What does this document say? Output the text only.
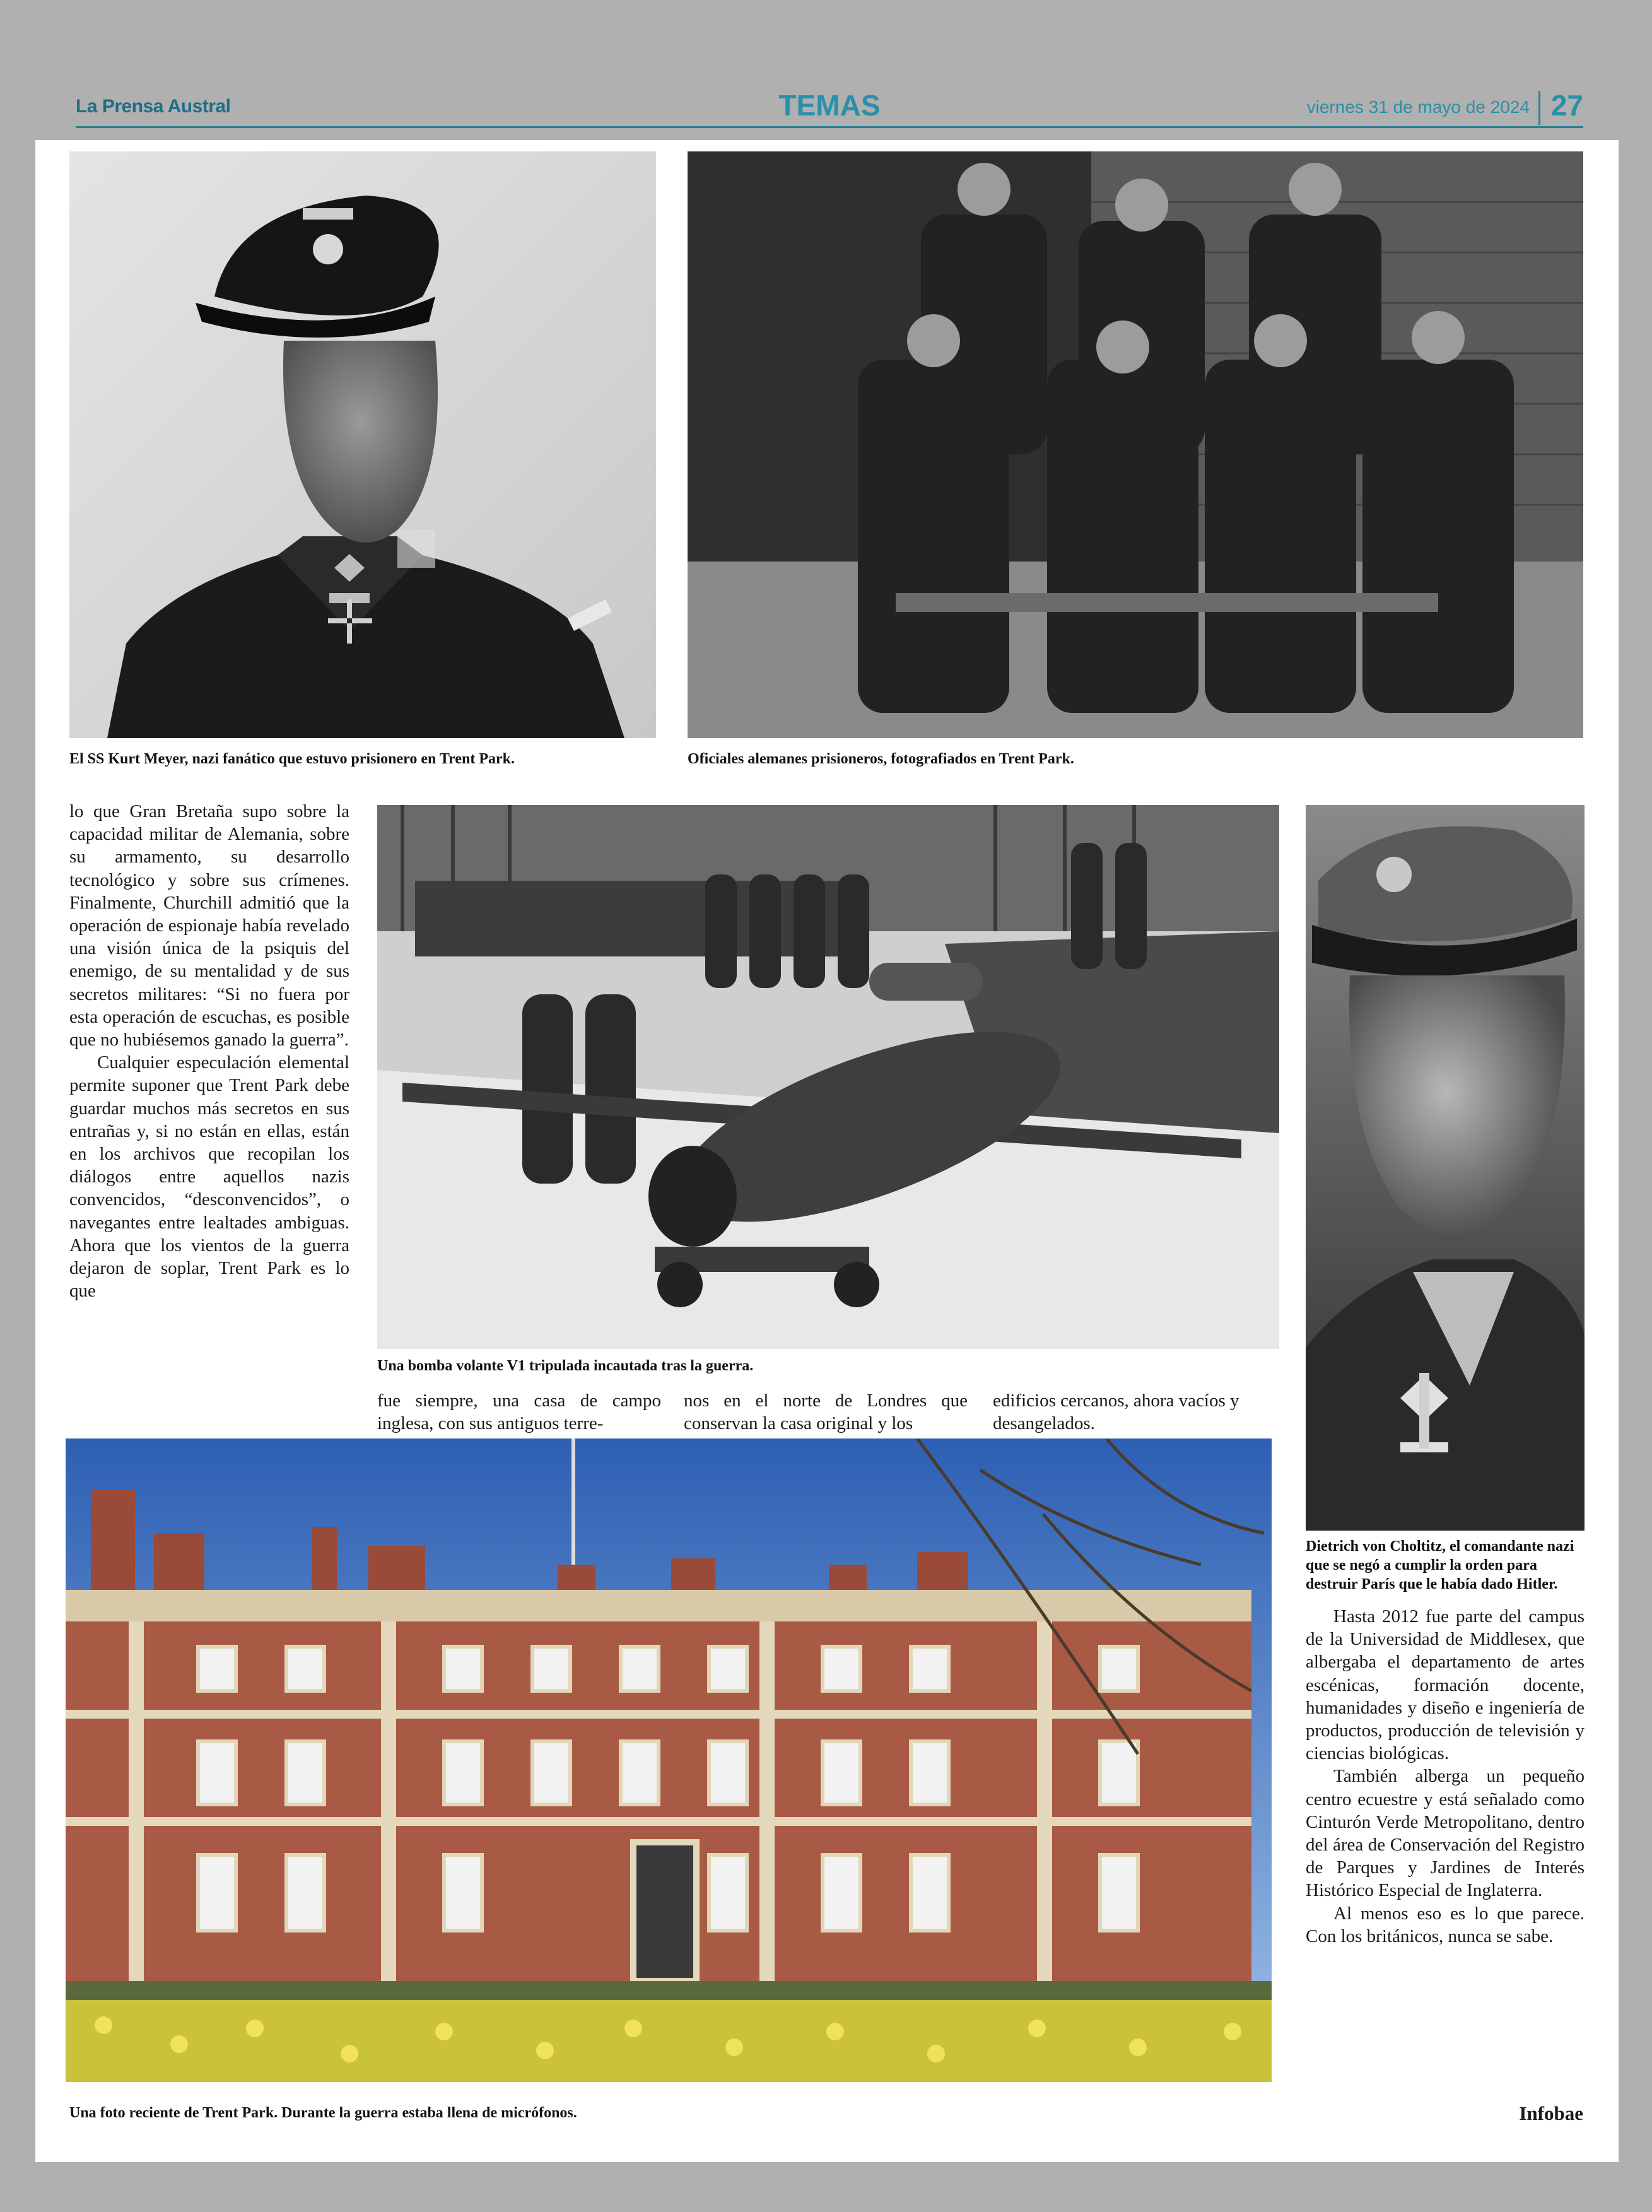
La Prensa Austral	TEMAS	viernes 31 de mayo de 2024 27
El SS Kurt Meyer, nazi fanático que estuvo prisionero en Trent Park.	Oficiales alemanes prisioneros, fotografiados en Trent Park.

lo que Gran Bretaña supo sobre la capacidad militar de Alemania, sobre su armamento, su desarrollo tecnológico y sobre sus crímenes. Finalmente, Churchill admitió que la operación de espionaje había revelado una visión única de la psiquis del enemigo, de su mentalidad y de sus secretos militares: “Si no fuera por esta operación de escuchas, es posible que no hubiésemos ganado la guerra”.

Cualquier especulación elemental permite suponer que Trent Park debe guardar muchos más secretos en sus entrañas y, si no están en ellas, están en los archivos que recopilan los diálogos entre aquellos nazis convencidos, “desconvencidos”, o navegantes entre lealtades ambiguas. Ahora que los vientos de la guerra dejaron de soplar, Trent Park es lo que

Una bomba volante V1 tripulada incautada tras la guerra.
fue siempre, una casa de campo inglesa, con sus antiguos terre-
nos en el norte de Londres que conservan la casa original y los
edificios cercanos, ahora vacíos y desangelados.
Dietrich von Choltitz, el comandante nazi que se negó a cumplir la orden para destruir París que le había dado Hitler.
Una foto reciente de Trent Park. Durante la guerra estaba llena de micrófonos.

Hasta 2012 fue parte del campus de la Universidad de Middlesex, que albergaba el departamento de artes escénicas, formación docente, humanidades y diseño e ingeniería de productos, producción de televisión y ciencias biológicas.

También alberga un pequeño centro ecuestre y está señalado como Cinturón Verde Metropolitano, dentro del área de Conservación del Registro de Parques y Jardines de Interés Histórico Especial de Inglaterra.

Al menos eso es lo que parece. Con los británicos, nunca se sabe.

Infobae
